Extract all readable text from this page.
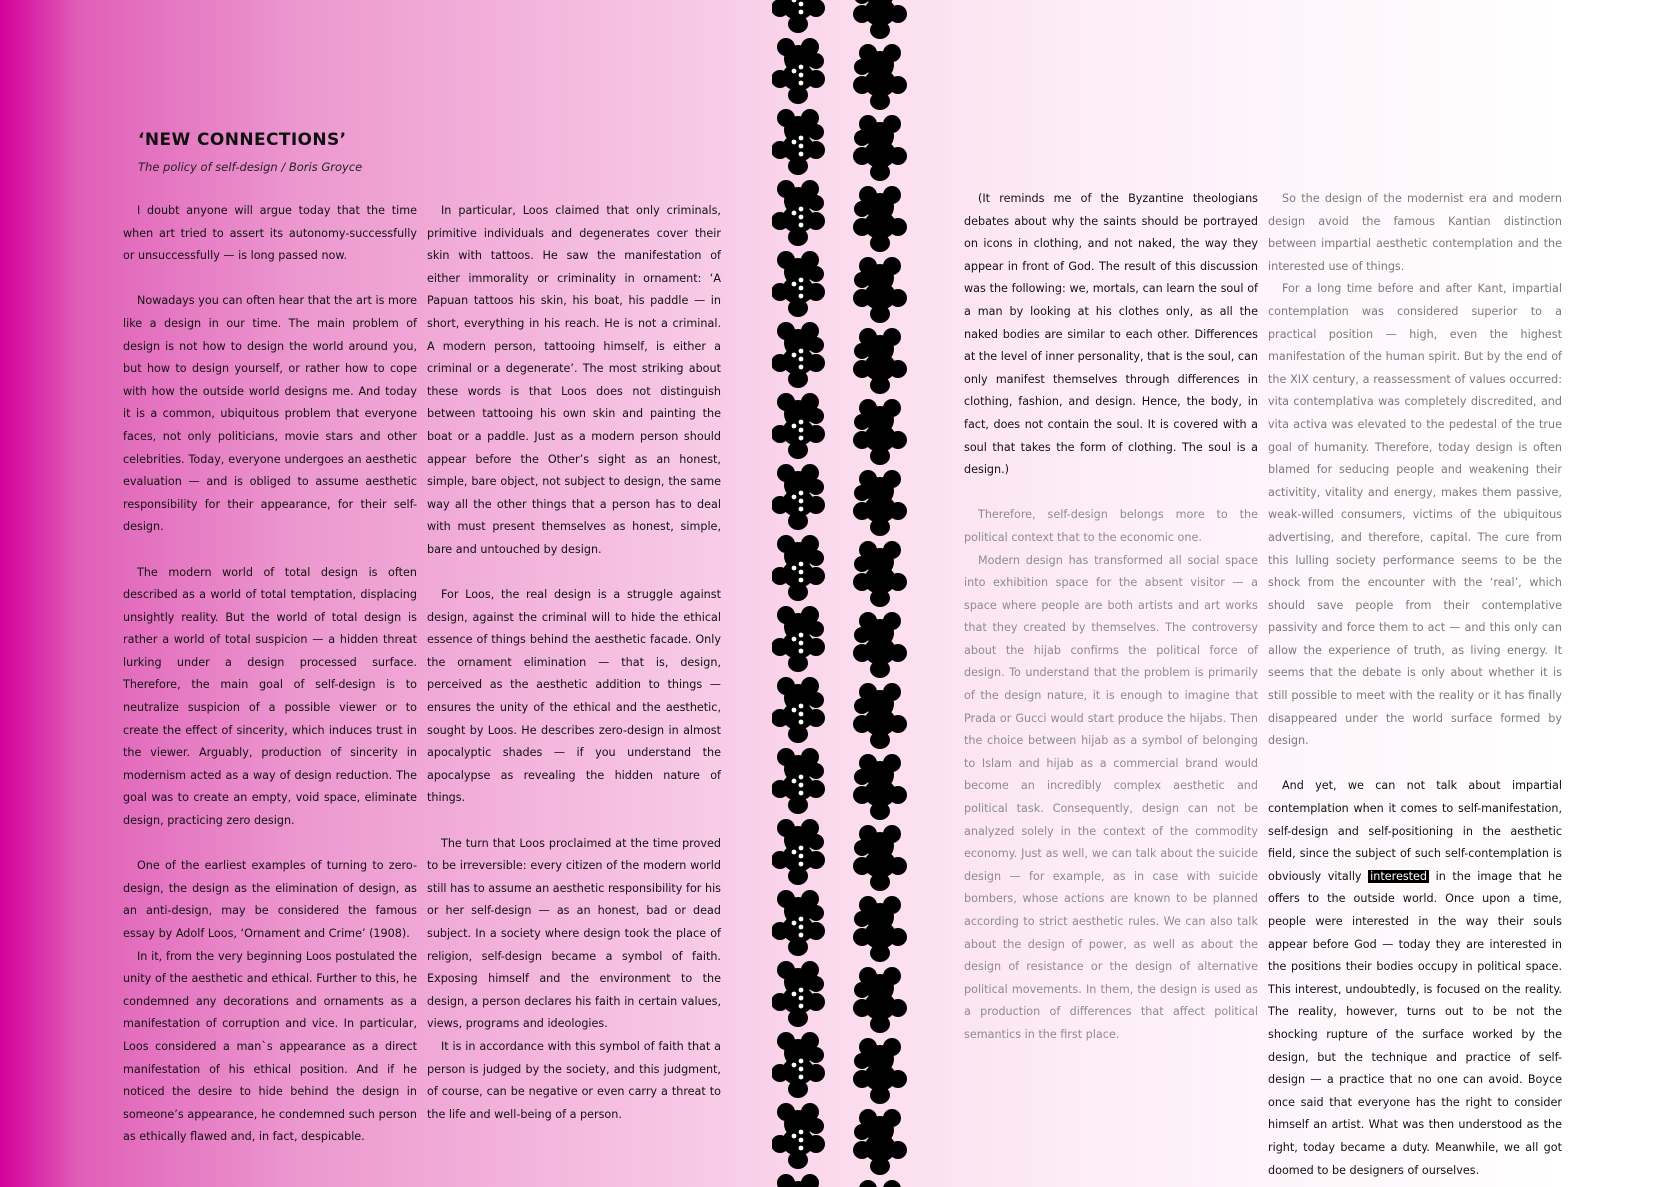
‘NEW CONNECTIONS’
The policy of self-design / Boris Groyce

I doubt anyone will argue today that the time when art tried to assert its autonomy-successfully or unsuccessfully — is long passed now.

Nowadays you can often hear that the art is more like a design in our time. The main problem of design is not how to design the world around you, but how to design yourself, or rather how to cope with how the outside world designs me. And today it is a common, ubiquitous problem that everyone faces, not only politicians, movie stars and other celebrities. Today, everyone undergoes an aesthetic evaluation — and is obliged to assume aesthetic responsibility for their appearance, for their self-design.

The modern world of total design is often described as a world of total temptation, displacing unsightly reality. But the world of total design is rather a world of total suspicion — a hidden threat lurking under a design processed surface. Therefore, the main goal of self-design is to neutralize suspicion of a possible viewer or to create the effect of sincerity, which induces trust in the viewer. Arguably, production of sincerity in modernism acted as a way of design reduction. The goal was to create an empty, void space, eliminate design, practicing zero design.

One of the earliest examples of turning to zero-design, the design as the elimination of design, as an anti-design, may be considered the famous essay by Adolf Loos, ‘Ornament and Crime’ (1908).

In it, from the very beginning Loos postulated the unity of the aesthetic and ethical. Further to this, he condemned any decorations and ornaments as a manifestation of corruption and vice. In particular, Loos considered a man`s appearance as a direct manifestation of his ethical position. And if he noticed the desire to hide behind the design in someone’s appearance, he condemned such person as ethically flawed and, in fact, despicable.

In particular, Loos claimed that only criminals, primitive individuals and degenerates cover their skin with tattoos. He saw the manifestation of either immorality or criminality in ornament: ‘A Papuan tattoos his skin, his boat, his paddle — in short, everything in his reach. He is not a criminal. A modern person, tattooing himself, is either a criminal or a degenerate’. The most striking about these words is that Loos does not distinguish between tattooing his own skin and painting the boat or a paddle. Just as a modern person should appear before the Other’s sight as an honest, simple, bare object, not subject to design, the same way all the other things that a person has to deal with must present themselves as honest, simple, bare and untouched by design.

For Loos, the real design is a struggle against design, against the criminal will to hide the ethical essence of things behind the aesthetic facade. Only the ornament elimination — that is, design, perceived as the aesthetic addition to things — ensures the unity of the ethical and the aesthetic, sought by Loos. He describes zero-design in almost apocalyptic shades — if you understand the apocalypse as revealing the hidden nature of things.

The turn that Loos proclaimed at the time proved to be irreversible: every citizen of the modern world still has to assume an aesthetic responsibility for his or her self-design — as an honest, bad or dead subject. In a society where design took the place of religion, self-design became a symbol of faith. Exposing himself and the environment to the design, a person declares his faith in certain values, views, programs and ideologies.

It is in accordance with this symbol of faith that a person is judged by the society, and this judgment, of course, can be negative or even carry a threat to the life and well-being of a person.

(It reminds me of the Byzantine theologians debates about why the saints should be portrayed on icons in clothing, and not naked, the way they appear in front of God. The result of this discussion was the following: we, mortals, can learn the soul of a man by looking at his clothes only, as all the naked bodies are similar to each other. Differences at the level of inner personality, that is the soul, can only manifest themselves through differences in clothing, fashion, and design. Hence, the body, in fact, does not contain the soul. It is covered with a soul that takes the form of clothing. The soul is a design.)

Therefore, self-design belongs more to the political context that to the economic one.

Modern design has transformed all social space into exhibition space for the absent visitor — a space where people are both artists and art works that they created by themselves. The controversy about the hijab confirms the political force of design. To understand that the problem is primarily of the design nature, it is enough to imagine that Prada or Gucci would start produce the hijabs. Then the choice between hijab as a symbol of belonging to Islam and hijab as a commercial brand would become an incredibly complex aesthetic and political task. Consequently, design can not be analyzed solely in the context of the commodity economy. Just as well, we can talk about the suicide design — for example, as in case with suicide bombers, whose actions are known to be planned according to strict aesthetic rules. We can also talk about the design of power, as well as about the design of resistance or the design of alternative political movements. In them, the design is used as a production of differences that affect political semantics in the first place.

So the design of the modernist era and modern design avoid the famous Kantian distinction between impartial aesthetic contemplation and the interested use of things.

For a long time before and after Kant, impartial contemplation was considered superior to a practical position — high, even the highest manifestation of the human spirit. But by the end of the XIX century, a reassessment of values occurred: vita contemplativa was completely discredited, and vita activa was elevated to the pedestal of the true goal of humanity. Therefore, today design is often blamed for seducing people and weakening their activitity, vitality and energy, makes them passive, weak-willed consumers, victims of the ubiquitous advertising, and therefore, capital. The cure from this lulling society performance seems to be the shock from the encounter with the ‘real’, which should save people from their contemplative passivity and force them to act — and this only can allow the experience of truth, as living energy. It seems that the debate is only about whether it is still possible to meet with the reality or it has finally disappeared under the world surface formed by design.

And yet, we can not talk about impartial contemplation when it comes to self-manifestation, self-design and self-positioning in the aesthetic field, since the subject of such self-contemplation is obviously vitally interested in the image that he offers to the outside world. Once upon a time, people were interested in the way their souls appear before God — today they are interested in the positions their bodies occupy in political space. This interest, undoubtedly, is focused on the reality. The reality, however, turns out to be not the shocking rupture of the surface worked by the design, but the technique and practice of self-design — a practice that no one can avoid. Boyce once said that everyone has the right to consider himself an artist. What was then understood as the right, today became a duty. Meanwhile, we all got doomed to be designers of ourselves.
